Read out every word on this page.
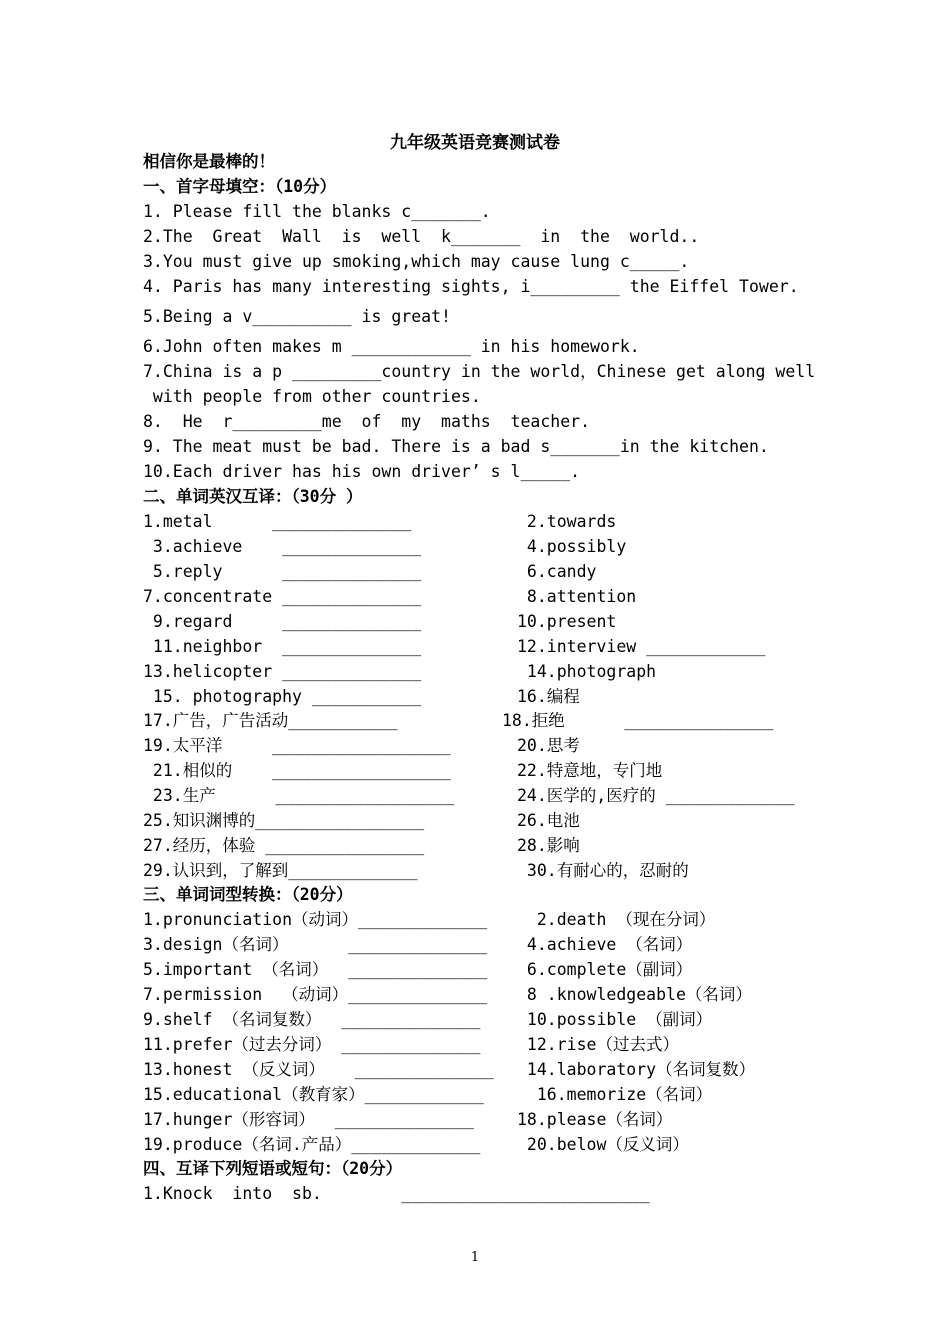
九年级英语竞赛测试卷
相信你是最棒的！
一、首字母填空：（10分）
1. Please fill the blanks c_______.
2.The  Great  Wall  is  well  k_______  in  the  world..
3.You must give up smoking,which may cause lung c_____.
4. Paris has many interesting sights, i_________ the Eiffel Tower.
5.Being a v__________ is great!
6.John often makes m ____________ in his homework.
7.China is a p _________country in the world，Chinese get along well
with people from other countries.
8.  He  r_________me  of  my  maths  teacher.
9. The meat must be bad. There is a bad s_______in the kitchen.
10.Each driver has his own driver’ s l_____.
二、单词英汉互译：（30分 ）
1.metal      ______________
3.achieve    ______________
5.reply      ______________
7.concentrate ______________
9.regard     ______________
11.neighbor  ______________
13.helicopter ______________
15. photography ___________
17.广告，广告活动___________
19.太平洋     __________________
21.相似的    __________________
23.生产      __________________
25.知识渊博的_________________
27.经历，体验 ________________
29.认识到，了解到_____________
2.towards
4.possibly
6.candy
8.attention
10.present
12.interview ____________
14.photograph
16.编程
18.拒绝      _______________
20.思考
22.特意地，专门地
24.医学的,医疗的 _____________
26.电池
28.影响
30.有耐心的，忍耐的
三、单词词型转换：（20分）
1.pronunciation（动词）_____________
3.design（名词）      ______________
5.important （名词）  ______________
7.permission  （动词）______________
9.shelf （名词复数）  ______________
11.prefer（过去分词） ______________
13.honest （反义词）   ______________
15.educational（教育家）____________
17.hunger（形容词）  ______________
19.produce（名词.产品）_____________
2.death （现在分词）
4.achieve （名词）
6.complete（副词）
8 .knowledgeable（名词）
10.possible （副词）
12.rise（过去式）
14.laboratory（名词复数）
16.memorize（名词）
18.please（名词）
20.below（反义词）
四、互译下列短语或短句：（20分）
1.Knock  into  sb.        _________________________
1
